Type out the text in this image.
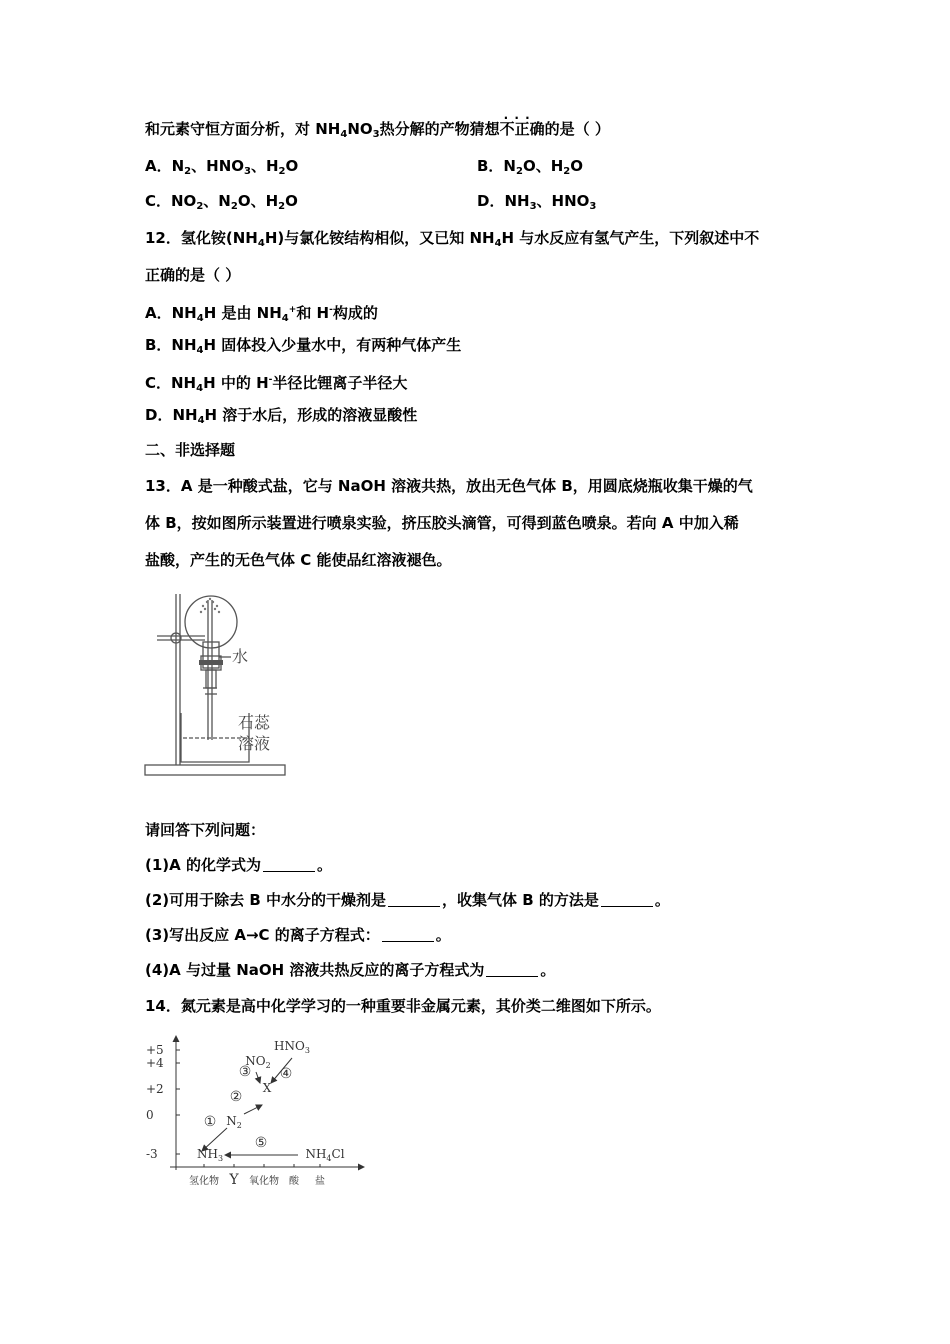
和元素守恒方面分析，对 $NH_4NO_3$热分解的产物猜想· · · 不正确的是（ ）
A．$N_2$、$HNO_3$、$H_2O$	B．$N_2O$、$H_2O$
C．$NO_2$、$N_2O$、$H_2O$	D．$NH_3$、$HNO_3$
12．氢化铵$(NH_4H)$与氯化铵结构相似，又已知 $NH_4H$ 与水反应有氢气产生，下列叙述中不
正确的是（ ）
A．$NH_4H$ 是由 $NH_4^+$和 H-构成的
B．$NH_4H$ 固体投入少量水中，有两种气体产生
C．$NH_4H$ 中的 H-半径比锂离子半径大
D．$NH_4H$ 溶于水后，形成的溶液显酸性
二、非选择题
13．A 是一种酸式盐，它与 NaOH 溶液共热，放出无色气体 B，用圆底烧瓶收集干燥的气
体 B，按如图所示装置进行喷泉实验，挤压胶头滴管，可得到蓝色喷泉。若向 A 中加入稀
盐酸，产生的无色气体 C 能使品红溶液褪色。
水
石蕊
溶液
请回答下列问题：
(1)A 的化学式为	。
(2)可用于除去 B 中水分的干燥剂是	，收集气体 B 的方法是	。
(3)写出反应 A→C 的离子方程式：	。
(4)A 与过量 NaOH 溶液共热反应的离子方程式为	。
14．氮元素是高中化学学习的一种重要非金属元素，其价类二维图如下所示。
+5
+4
+2
0
-3
氢化物 Y 氧化物 酸 盐
$NH_3$
$N_2$
X
$NO_2$
$HNO_3$
$NH_4Cl$
①
②
③ ④
⑤
